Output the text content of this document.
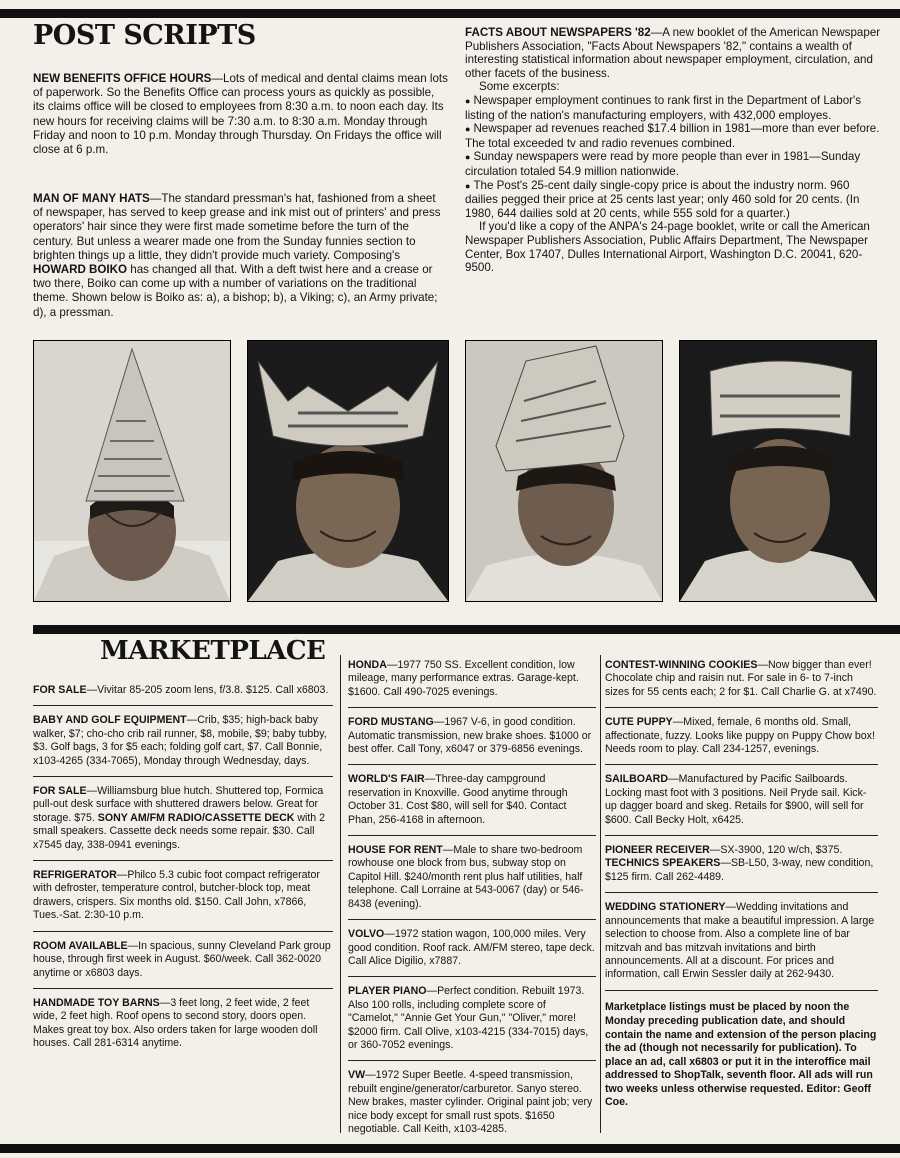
POST SCRIPTS

NEW BENEFITS OFFICE HOURS—Lots of medical and dental claims mean lots of paperwork. So the Benefits Office can process yours as quickly as possible, its claims office will be closed to employees from 8:30 a.m. to noon each day. Its new hours for receiving claims will be 7:30 a.m. to 8:30 a.m. Monday through Friday and noon to 10 p.m. Monday through Thursday. On Fridays the office will close at 6 p.m.

MAN OF MANY HATS—The standard pressman's hat, fashioned from a sheet of newspaper, has served to keep grease and ink mist out of printers' and press operators' hair since they were first made sometime before the turn of the century. But unless a wearer made one from the Sunday funnies section to brighten things up a little, they didn't provide much variety. Composing's HOWARD BOIKO has changed all that. With a deft twist here and a crease or two there, Boiko can come up with a number of variations on the traditional theme. Shown below is Boiko as: a), a bishop; b), a Viking; c), an Army private; d), a pressman.

FACTS ABOUT NEWSPAPERS '82—A new booklet of the American Newspaper Publishers Association, "Facts About Newspapers '82," contains a wealth of interesting statistical information about newspaper employment, circulation, and other facets of the business.

Some excerpts:

● Newspaper employment continues to rank first in the Department of Labor's listing of the nation's manufacturing employers, with 432,000 employes.

● Newspaper ad revenues reached $17.4 billion in 1981—more than ever before. The total exceeded tv and radio revenues combined.

● Sunday newspapers were read by more people than ever in 1981—Sunday circulation totaled 54.9 million nationwide.

● The Post's 25-cent daily single-copy price is about the industry norm. 960 dailies pegged their price at 25 cents last year; only 460 sold for 20 cents. (In 1980, 644 dailies sold at 20 cents, while 555 sold for a quarter.)

If you'd like a copy of the ANPA's 24-page booklet, write or call the American Newspaper Publishers Association, Public Affairs Department, The Newspaper Center, Box 17407, Dulles International Airport, Washington D.C. 20041, 620-9500.

MARKETPLACE

FOR SALE—Vivitar 85-205 zoom lens, f/3.8. $125. Call x6803.

BABY AND GOLF EQUIPMENT—Crib, $35; high-back baby walker, $7; cho-cho crib rail runner, $8, mobile, $9; baby tubby, $3. Golf bags, 3 for $5 each; folding golf cart, $7. Call Bonnie, x103-4265 (334-7065), Monday through Wednesday, days.

FOR SALE—Williamsburg blue hutch. Shuttered top, Formica pull-out desk surface with shuttered drawers below. Great for storage. $75. SONY AM/FM RADIO/CASSETTE DECK with 2 small speakers. Cassette deck needs some repair. $30. Call x7545 day, 338-0941 evenings.

REFRIGERATOR—Philco 5.3 cubic foot compact refrigerator with defroster, temperature control, butcher-block top, meat drawers, crispers. Six months old. $150. Call John, x7866, Tues.-Sat. 2:30-10 p.m.

ROOM AVAILABLE—In spacious, sunny Cleveland Park group house, through first week in August. $60/week. Call 362-0020 anytime or x6803 days.

HANDMADE TOY BARNS—3 feet long, 2 feet wide, 2 feet wide, 2 feet high. Roof opens to second story, doors open. Makes great toy box. Also orders taken for large wooden doll houses. Call 281-6314 anytime.

HONDA—1977 750 SS. Excellent condition, low mileage, many performance extras. Garage-kept. $1600. Call 490-7025 evenings.

FORD MUSTANG—1967 V-6, in good condition. Automatic transmission, new brake shoes. $1000 or best offer. Call Tony, x6047 or 379-6856 evenings.

WORLD'S FAIR—Three-day campground reservation in Knoxville. Good anytime through October 31. Cost $80, will sell for $40. Contact Phan, 256-4168 in afternoon.

HOUSE FOR RENT—Male to share two-bedroom rowhouse one block from bus, subway stop on Capitol Hill. $240/month rent plus half utilities, half telephone. Call Lorraine at 543-0067 (day) or 546-8438 (evening).

VOLVO—1972 station wagon, 100,000 miles. Very good condition. Roof rack. AM/FM stereo, tape deck. Call Alice Digilio, x7887.

PLAYER PIANO—Perfect condition. Rebuilt 1973. Also 100 rolls, including complete score of "Camelot," "Annie Get Your Gun," "Oliver," more! $2000 firm. Call Olive, x103-4215 (334-7015) days, or 360-7052 evenings.

VW—1972 Super Beetle. 4-speed transmission, rebuilt engine/generator/carburetor. Sanyo stereo. New brakes, master cylinder. Original paint job; very nice body except for small rust spots. $1650 negotiable. Call Keith, x103-4285.

CONTEST-WINNING COOKIES—Now bigger than ever! Chocolate chip and raisin nut. For sale in 6- to 7-inch sizes for 55 cents each; 2 for $1. Call Charlie G. at x7490.

CUTE PUPPY—Mixed, female, 6 months old. Small, affectionate, fuzzy. Looks like puppy on Puppy Chow box! Needs room to play. Call 234-1257, evenings.

SAILBOARD—Manufactured by Pacific Sailboards. Locking mast foot with 3 positions. Neil Pryde sail. Kick-up dagger board and skeg. Retails for $900, will sell for $600. Call Becky Holt, x6425.

PIONEER RECEIVER—SX-3900, 120 w/ch, $375. TECHNICS SPEAKERS—SB-L50, 3-way, new condition, $125 firm. Call 262-4489.

WEDDING STATIONERY—Wedding invitations and announcements that make a beautiful impression. A large selection to choose from. Also a complete line of bar mitzvah and bas mitzvah invitations and birth announcements. All at a discount. For prices and information, call Erwin Sessler daily at 262-9430.

Marketplace listings must be placed by noon the Monday preceding publication date, and should contain the name and extension of the person placing the ad (though not necessarily for publication). To place an ad, call x6803 or put it in the interoffice mail addressed to ShopTalk, seventh floor. All ads will run two weeks unless otherwise requested. Editor: Geoff Coe.
